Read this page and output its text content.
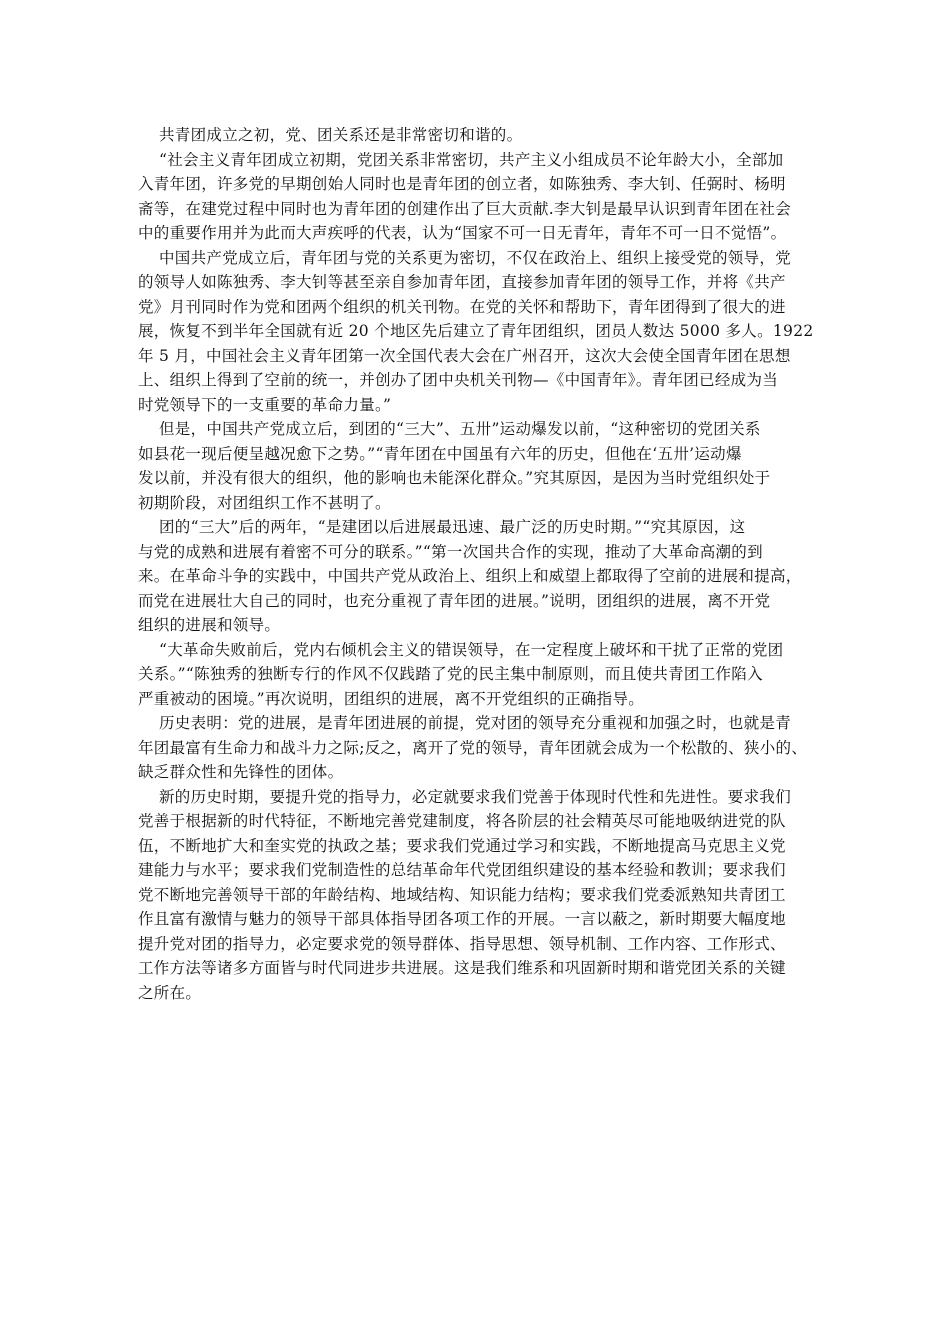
共青团成立之初，党、团关系还是非常密切和谐的。
“社会主义青年团成立初期，党团关系非常密切，共产主义小组成员不论年龄大小，全部加
入青年团，许多党的早期创始人同时也是青年团的创立者，如陈独秀、李大钊、任弼时、杨明
斋等，在建党过程中同时也为青年团的创建作出了巨大贡献.李大钊是最早认识到青年团在社会
中的重要作用并为此而大声疾呼的代表，认为“国家不可一日无青年，青年不可一日不觉悟”。
中国共产党成立后，青年团与党的关系更为密切，不仅在政治上、组织上接受党的领导，党
的领导人如陈独秀、李大钊等甚至亲自参加青年团，直接参加青年团的领导工作，并将《共产
党》月刊同时作为党和团两个组织的机关刊物。在党的关怀和帮助下，青年团得到了很大的进
展，恢复不到半年全国就有近 20 个地区先后建立了青年团组织，团员人数达 5000 多人。1922
年 5 月，中国社会主义青年团第一次全国代表大会在广州召开，这次大会使全国青年团在思想
上、组织上得到了空前的统一，并创办了团中央机关刊物—《中国青年》。青年团已经成为当
时党领导下的一支重要的革命力量。”
但是，中国共产党成立后，到团的“三大”、五卅”运动爆发以前，“这种密切的党团关系
如县花一现后便呈越况愈下之势。”“青年团在中国虽有六年的历史，但他在‘五卅’运动爆
发以前，并没有很大的组织，他的影响也未能深化群众。”究其原因，是因为当时党组织处于
初期阶段，对团组织工作不甚明了。
团的“三大”后的两年，“是建团以后进展最迅速、最广泛的历史时期。”“究其原因，这
与党的成熟和进展有着密不可分的联系。”“第一次国共合作的实现，推动了大革命高潮的到
来。在革命斗争的实践中，中国共产党从政治上、组织上和威望上都取得了空前的进展和提高，
而党在进展壮大自己的同时，也充分重视了青年团的进展。”说明，团组织的进展，离不开党
组织的进展和领导。
“大革命失败前后，党内右倾机会主义的错误领导，在一定程度上破坏和干扰了正常的党团
关系。”“陈独秀的独断专行的作风不仅践踏了党的民主集中制原则，而且使共青团工作陷入
严重被动的困境。”再次说明，团组织的进展，离不开党组织的正确指导。
历史表明：党的进展，是青年团进展的前提，党对团的领导充分重视和加强之时，也就是青
年团最富有生命力和战斗力之际;反之，离开了党的领导，青年团就会成为一个松散的、狭小的、
缺乏群众性和先锋性的团体。
新的历史时期，要提升党的指导力，必定就要求我们党善于体现时代性和先进性。要求我们
党善于根据新的时代特征，不断地完善党建制度，将各阶层的社会精英尽可能地吸纳进党的队
伍，不断地扩大和奎实党的执政之基；要求我们党通过学习和实践，不断地提高马克思主义党
建能力与水平；要求我们党制造性的总结革命年代党团组织建设的基本经验和教训；要求我们
党不断地完善领导干部的年龄结构、地域结构、知识能力结构；要求我们党委派熟知共青团工
作且富有激情与魅力的领导干部具体指导团各项工作的开展。一言以蔽之，新时期要大幅度地
提升党对团的指导力，必定要求党的领导群体、指导思想、领导机制、工作内容、工作形式、
工作方法等诸多方面皆与时代同进步共进展。这是我们维系和巩固新时期和谐党团关系的关键
之所在。
